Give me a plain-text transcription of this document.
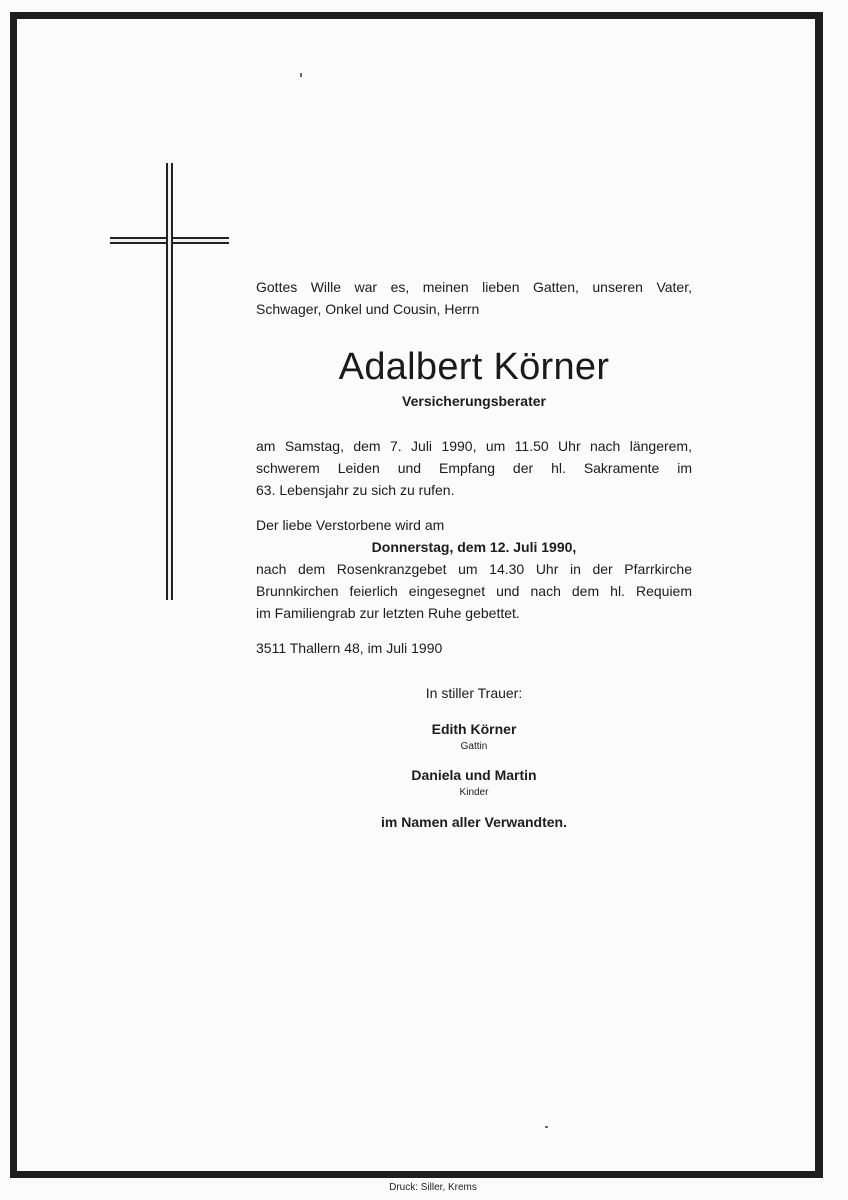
Gottes Wille war es, meinen lieben Gatten, unseren Vater,
Schwager, Onkel und Cousin, Herrn
Adalbert Körner
Versicherungsberater
am Samstag, dem 7. Juli 1990, um 11.50 Uhr nach längerem,
schwerem Leiden und Empfang der hl. Sakramente im
63. Lebensjahr zu sich zu rufen.
Der liebe Verstorbene wird am
Donnerstag, dem 12. Juli 1990,
nach dem Rosenkranzgebet um 14.30 Uhr in der Pfarrkirche
Brunnkirchen feierlich eingesegnet und nach dem hl. Requiem
im Familiengrab zur letzten Ruhe gebettet.
3511 Thallern 48, im Juli 1990
In stiller Trauer:
Edith Körner
Gattin
Daniela und Martin
Kinder
im Namen aller Verwandten.
Druck: Siller, Krems
